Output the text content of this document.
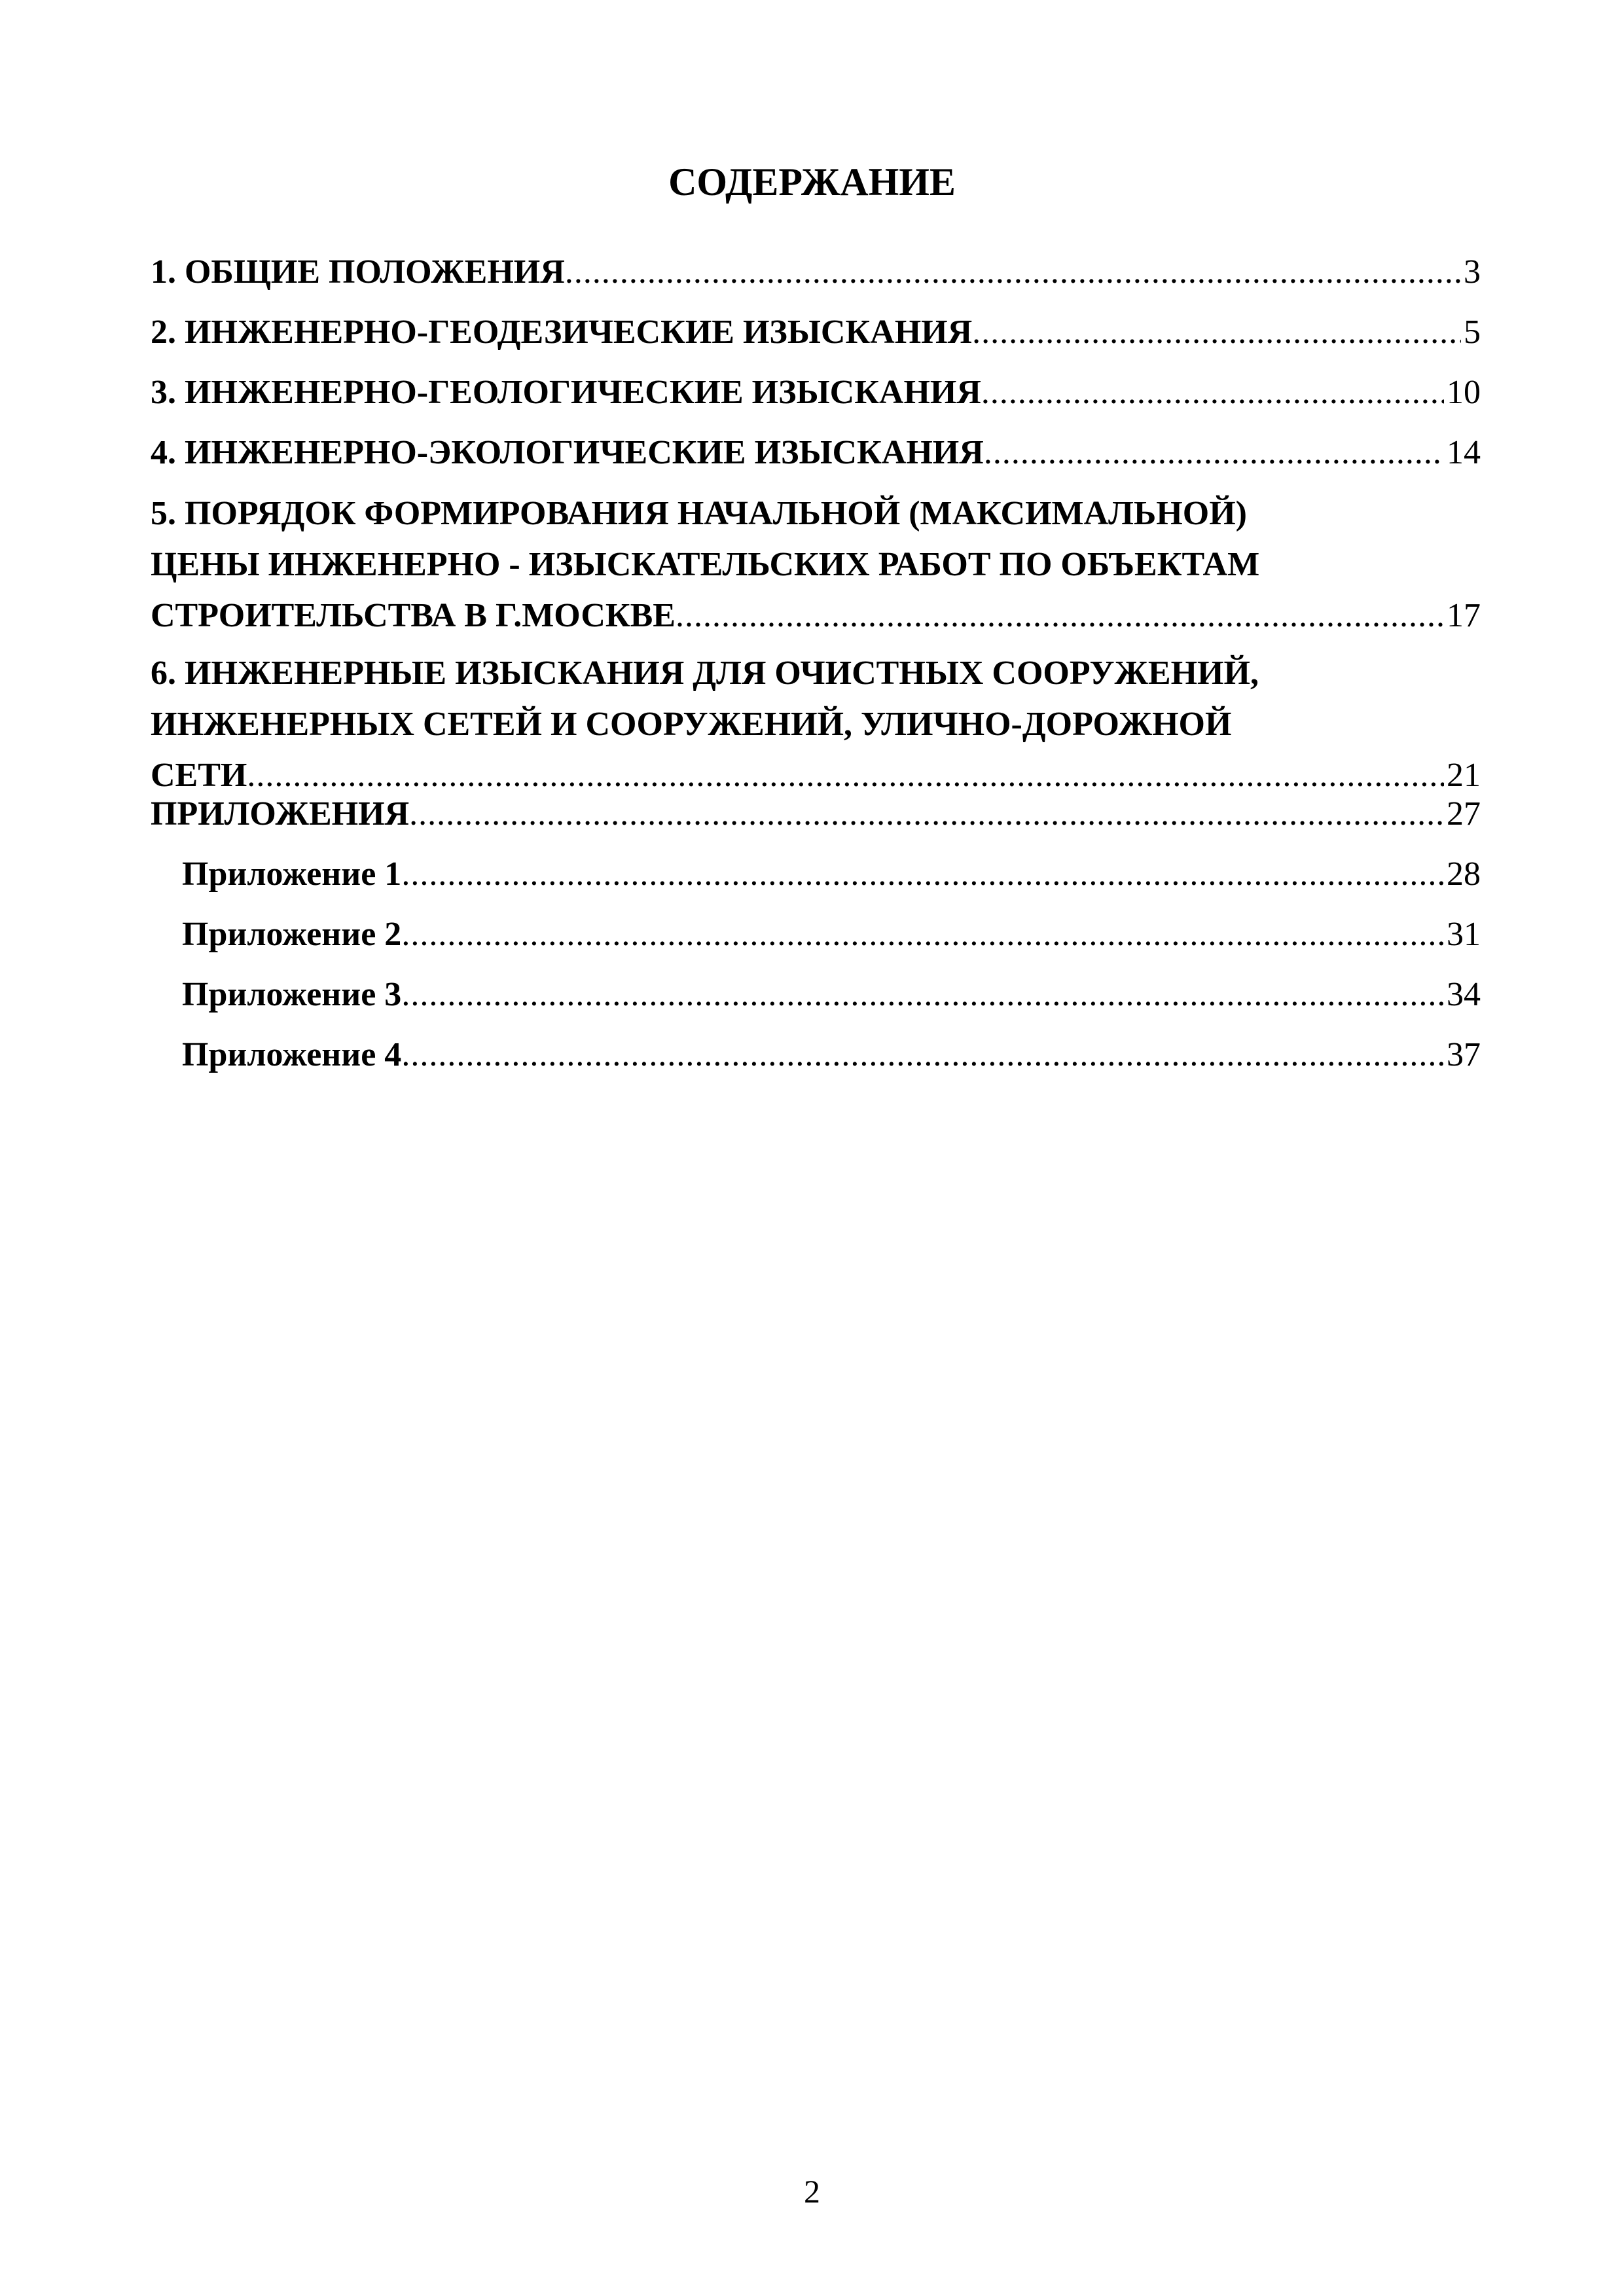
СОДЕРЖАНИЕ
1. ОБЩИЕ ПОЛОЖЕНИЯ .....	3
2. ИНЖЕНЕРНО-ГЕОДЕЗИЧЕСКИЕ ИЗЫСКАНИЯ .....	5
3. ИНЖЕНЕРНО-ГЕОЛОГИЧЕСКИЕ ИЗЫСКАНИЯ .....	10
4. ИНЖЕНЕРНО-ЭКОЛОГИЧЕСКИЕ ИЗЫСКАНИЯ .....	14
5. ПОРЯДОК ФОРМИРОВАНИЯ НАЧАЛЬНОЙ (МАКСИМАЛЬНОЙ)
ЦЕНЫ ИНЖЕНЕРНО - ИЗЫСКАТЕЛЬСКИХ РАБОТ ПО ОБЪЕКТАМ
СТРОИТЕЛЬСТВА В Г.МОСКВЕ .....	17
6. ИНЖЕНЕРНЫЕ ИЗЫСКАНИЯ ДЛЯ ОЧИСТНЫХ СООРУЖЕНИЙ,
ИНЖЕНЕРНЫХ СЕТЕЙ И СООРУЖЕНИЙ, УЛИЧНО-ДОРОЖНОЙ
СЕТИ .....	21
ПРИЛОЖЕНИЯ .....	27
Приложение 1 .....	28
Приложение 2 .....	31
Приложение 3 .....	34
Приложение 4 .....	37
2
